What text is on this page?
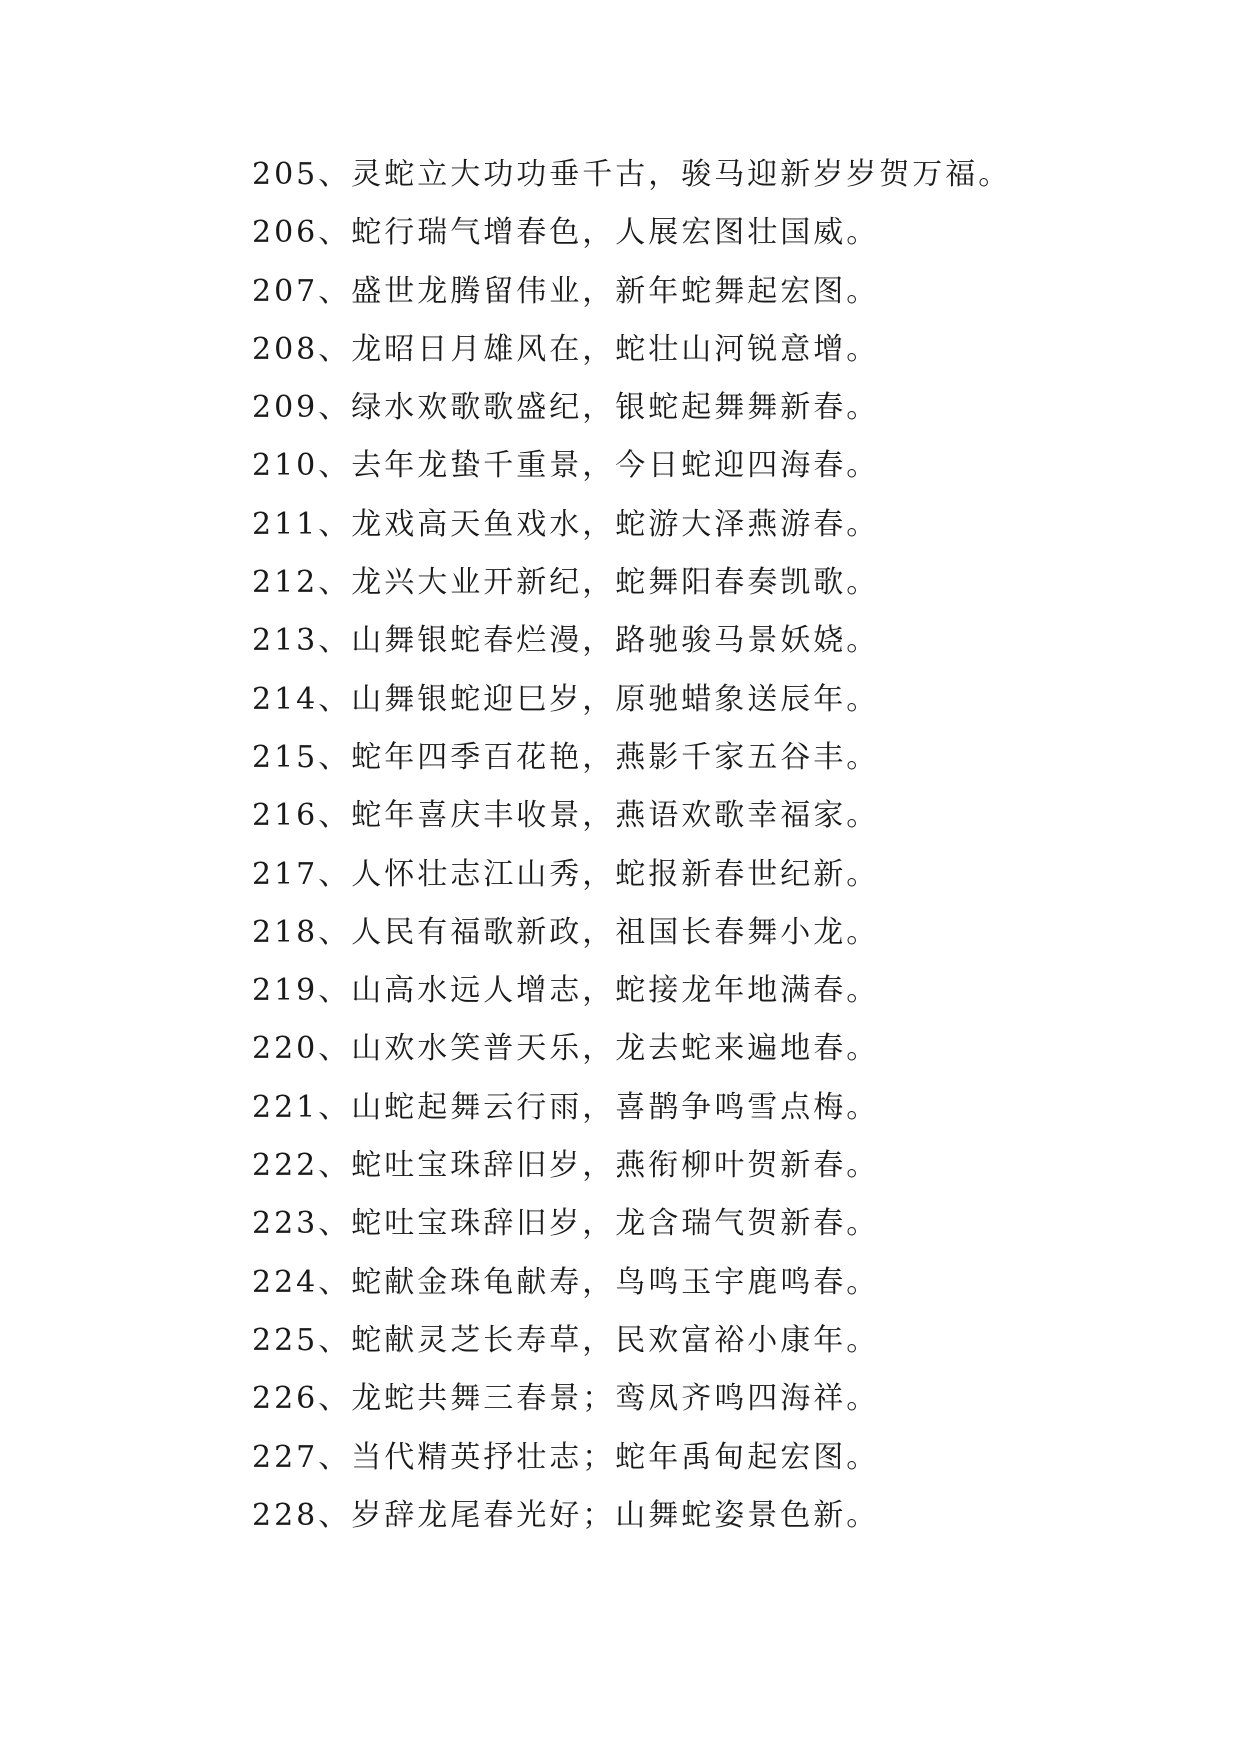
205、灵蛇立大功功垂千古，骏马迎新岁岁贺万福。
206、蛇行瑞气增春色，人展宏图壮国威。
207、盛世龙腾留伟业，新年蛇舞起宏图。
208、龙昭日月雄风在，蛇壮山河锐意增。
209、绿水欢歌歌盛纪，银蛇起舞舞新春。
210、去年龙蛰千重景，今日蛇迎四海春。
211、龙戏高天鱼戏水，蛇游大泽燕游春。
212、龙兴大业开新纪，蛇舞阳春奏凯歌。
213、山舞银蛇春烂漫，路驰骏马景妖娆。
214、山舞银蛇迎巳岁，原驰蜡象送辰年。
215、蛇年四季百花艳，燕影千家五谷丰。
216、蛇年喜庆丰收景，燕语欢歌幸福家。
217、人怀壮志江山秀，蛇报新春世纪新。
218、人民有福歌新政，祖国长春舞小龙。
219、山高水远人增志，蛇接龙年地满春。
220、山欢水笑普天乐，龙去蛇来遍地春。
221、山蛇起舞云行雨，喜鹊争鸣雪点梅。
222、蛇吐宝珠辞旧岁，燕衔柳叶贺新春。
223、蛇吐宝珠辞旧岁，龙含瑞气贺新春。
224、蛇献金珠龟献寿，鸟鸣玉宇鹿鸣春。
225、蛇献灵芝长寿草，民欢富裕小康年。
226、龙蛇共舞三春景；鸾凤齐鸣四海祥。
227、当代精英抒壮志；蛇年禹甸起宏图。
228、岁辞龙尾春光好；山舞蛇姿景色新。
